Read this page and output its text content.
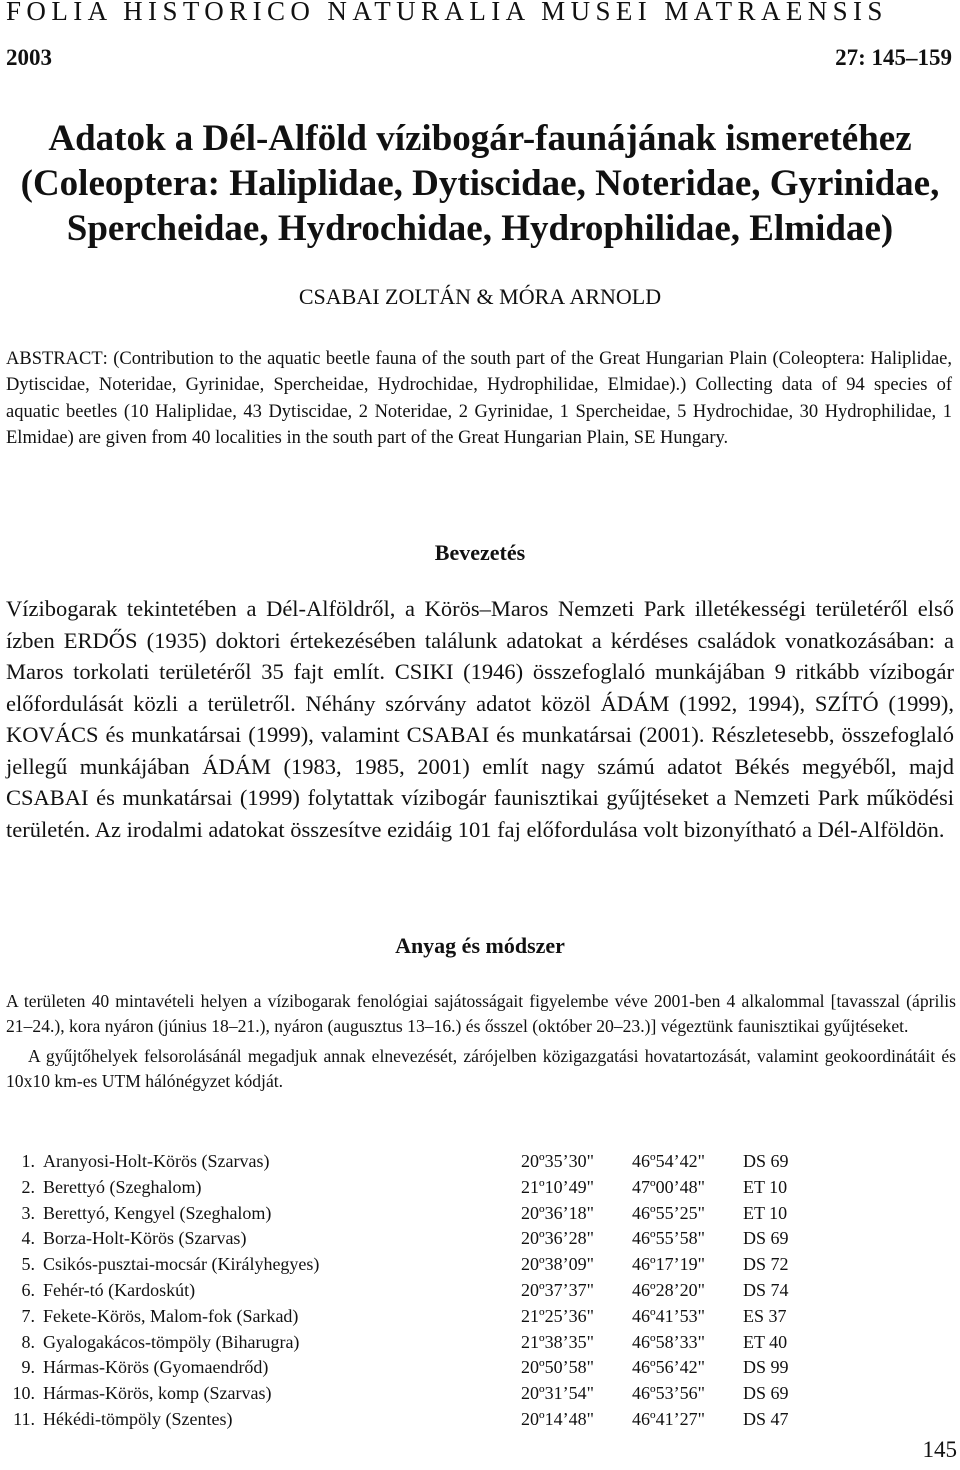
FOLIA HISTORICO NATURALIA MUSEI MATRAENSIS
2003	27: 145–159
Adatok a Dél-Alföld vízibogár-faunájának ismeretéhez
(Coleoptera: Haliplidae, Dytiscidae, Noteridae, Gyrinidae,
Spercheidae, Hydrochidae, Hydrophilidae, Elmidae)
CSABAI ZOLTÁN & MÓRA ARNOLD
ABSTRACT: (Contribution to the aquatic beetle fauna of the south part of the Great Hungarian Plain (Coleoptera: Haliplidae, Dytiscidae, Noteridae, Gyrinidae, Spercheidae, Hydrochidae, Hydrophilidae, Elmidae).) Collecting data of 94 species of aquatic beetles (10 Haliplidae, 43 Dytiscidae, 2 Noteridae, 2 Gyrinidae, 1 Spercheidae, 5 Hydrochidae, 30 Hydrophilidae, 1 Elmidae) are given from 40 localities in the south part of the Great Hungarian Plain, SE Hungary.
Bevezetés
Vízibogarak tekintetében a Dél-Alföldről, a Körös–Maros Nemzeti Park illetékességi területéről első ízben ERDŐS (1935) doktori értekezésében találunk adatokat a kérdéses családok vonatkozásában: a Maros torkolati területéről 35 fajt említ. CSIKI (1946) összefoglaló munkájában 9 ritkább vízibogár előfordulását közli a területről. Néhány szórvány adatot közöl ÁDÁM (1992, 1994), SZÍTÓ (1999), KOVÁCS és munkatársai (1999), valamint CSABAI és munkatársai (2001). Részletesebb, összefoglaló jellegű munkájában ÁDÁM (1983, 1985, 2001) említ nagy számú adatot Békés megyéből, majd CSABAI és munkatársai (1999) folytattak vízibogár faunisztikai gyűjtéseket a Nemzeti Park működési területén. Az irodalmi adatokat összesítve ezidáig 101 faj előfordulása volt bizonyítható a Dél-Alföldön.
Anyag és módszer

A területen 40 mintavételi helyen a vízibogarak fenológiai sajátosságait figyelembe véve 2001-ben 4 alkalommal [tavasszal (április 21–24.), kora nyáron (június 18–21.), nyáron (augusztus 13–16.) és ősszel (október 20–23.)] végeztünk faunisztikai gyűjtéseket.

A gyűjtőhelyek felsorolásánál megadjuk annak elnevezését, zárójelben közigazgatási hovatartozását, valamint geokoordinátáit és 10x10 km-es UTM hálónégyzet kódját.

1. Aranyosi-Holt-Körös (Szarvas)	20º35’30" 46º54’42" DS 69
2. Berettyó (Szeghalom)	21º10’49" 47º00’48" ET 10
3. Berettyó, Kengyel (Szeghalom)	20º36’18" 46º55’25" ET 10
4. Borza-Holt-Körös (Szarvas)	20º36’28" 46º55’58" DS 69
5. Csikós-pusztai-mocsár (Királyhegyes)	20º38’09" 46º17’19" DS 72
6. Fehér-tó (Kardoskút)	20º37’37" 46º28’20" DS 74
7. Fekete-Körös, Malom-fok (Sarkad)	21º25’36" 46º41’53" ES 37
8. Gyalogakácos-tömpöly (Biharugra)	21º38’35" 46º58’33" ET 40
9. Hármas-Körös (Gyomaendrőd)	20º50’58" 46º56’42" DS 99
10. Hármas-Körös, komp (Szarvas)	20º31’54" 46º53’56" DS 69
11. Hékédi-tömpöly (Szentes)	20º14’48" 46º41’27" DS 47
145
